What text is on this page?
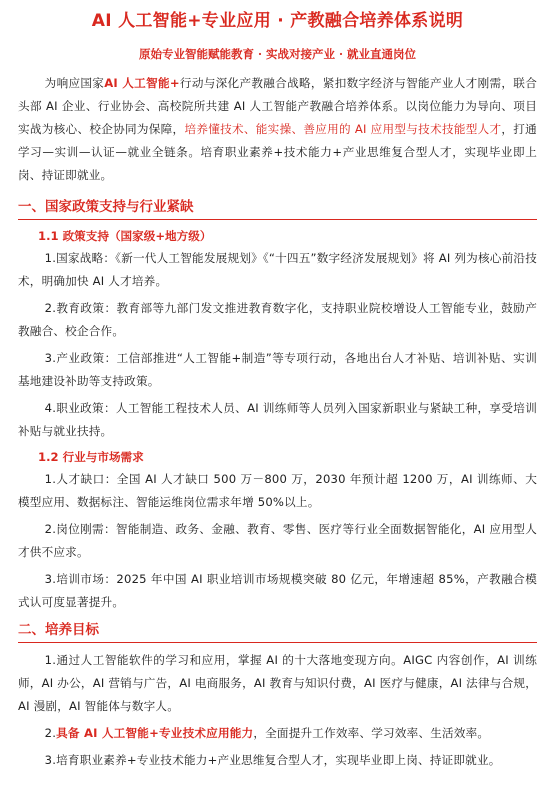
AI 人工智能+专业应用 · 产教融合培养体系说明
原始专业智能赋能教育 · 实战对接产业 · 就业直通岗位

为响应国家AI 人工智能+行动与深化产教融合战略，紧扣数字经济与智能产业人才刚需，联合头部 AI 企业、行业协会、高校院所共建 AI 人工智能产教融合培养体系。以岗位能力为导向、项目实战为核心、校企协同为保障，培养懂技术、能实操、善应用的 AI 应用型与技术技能型人才，打通学习—实训—认证—就业全链条。培育职业素养+技术能力+产业思维复合型人才，实现毕业即上岗、持证即就业。

一、国家政策支持与行业紧缺
1.1 政策支持（国家级+地方级）

1.国家战略：《新一代人工智能发展规划》《“十四五”数字经济发展规划》将 AI 列为核心前沿技术，明确加快 AI 人才培养。

2.教育政策：教育部等九部门发文推进教育数字化，支持职业院校增设人工智能专业，鼓励产教融合、校企合作。

3.产业政策：工信部推进“人工智能+制造”等专项行动，各地出台人才补贴、培训补贴、实训基地建设补助等支持政策。

4.职业政策：人工智能工程技术人员、AI 训练师等人员列入国家新职业与紧缺工种，享受培训补贴与就业扶持。

1.2 行业与市场需求

1.人才缺口：全国 AI 人才缺口 500 万－800 万，2030 年预计超 1200 万，AI 训练师、大模型应用、数据标注、智能运维岗位需求年增 50%以上。

2.岗位刚需：智能制造、政务、金融、教育、零售、医疗等行业全面数据智能化，AI 应用型人才供不应求。

3.培训市场：2025 年中国 AI 职业培训市场规模突破 80 亿元，年增速超 85%，产教融合模式认可度显著提升。

二、培养目标

1.通过人工智能软件的学习和应用，掌握 AI 的十大落地变现方向。AIGC 内容创作，AI 训练师，AI 办公，AI 营销与广告，AI 电商服务，AI 教育与知识付费，AI 医疗与健康，AI 法律与合规，AI 漫剧，AI 智能体与数字人。

2.具备 AI 人工智能+专业技术应用能力，全面提升工作效率、学习效率、生活效率。

3.培育职业素养+专业技术能力+产业思维复合型人才，实现毕业即上岗、持证即就业。
